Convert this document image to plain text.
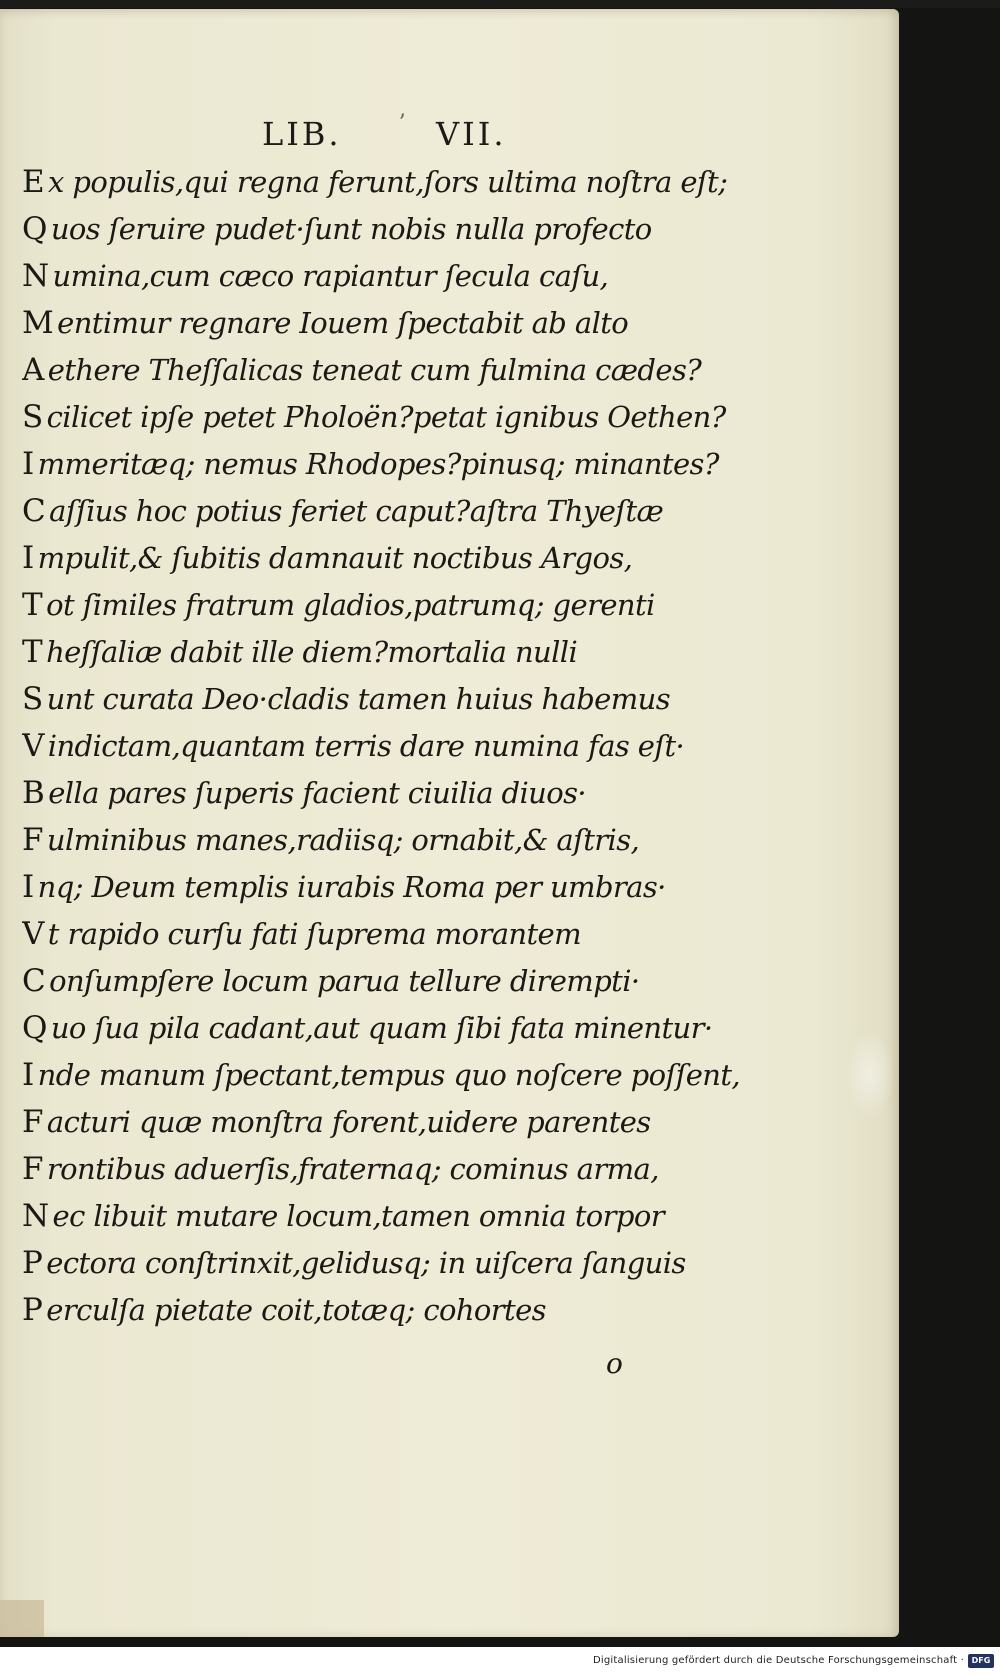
LIB.	ʼ VII.
E x populis,qui regna ferunt,ſors ultima noſtra eſt;
Q uos ſeruire pudet·ſunt nobis nulla profecto
N umina,cum cæco rapiantur ſecula caſu,
M entimur regnare Iouem ſpectabit ab alto
A ethere Theſſalicas teneat cum fulmina cædes?
S cilicet ipſe petet Pholoën?petat ignibus Oethen?
I mmeritæq; nemus Rhodopes?pinusq; minantes?
C aſſius hoc potius feriet caput?aſtra Thyeſtæ
I mpulit,& ſubitis damnauit noctibus Argos,
T ot ſimiles fratrum gladios,patrumq; gerenti
T heſſaliæ dabit ille diem?mortalia nulli
S unt curata Deo·cladis tamen huius habemus
V indictam,quantam terris dare numina fas eſt·
B ella pares ſuperis facient ciuilia diuos·
F ulminibus manes,radiisq; ornabit,& aſtris,
I nq; Deum templis iurabis Roma per umbras·
V t rapido curſu fati ſuprema morantem
C onſumpſere locum parua tellure dirempti·
Q uo ſua pila cadant,aut quam ſibi fata minentur·
I nde manum ſpectant,tempus quo noſcere poſſent,
F acturi quæ monſtra forent,uidere parentes
F rontibus aduerſis,fraternaq; cominus arma,
N ec libuit mutare locum,tamen omnia torpor
P ectora conſtrinxit,gelidusq; in uiſcera ſanguis
P erculſa pietate coit,totæq; cohortes
o
Digitalisierung gefördert durch die Deutsche Forschungsgemeinschaft · DFG
